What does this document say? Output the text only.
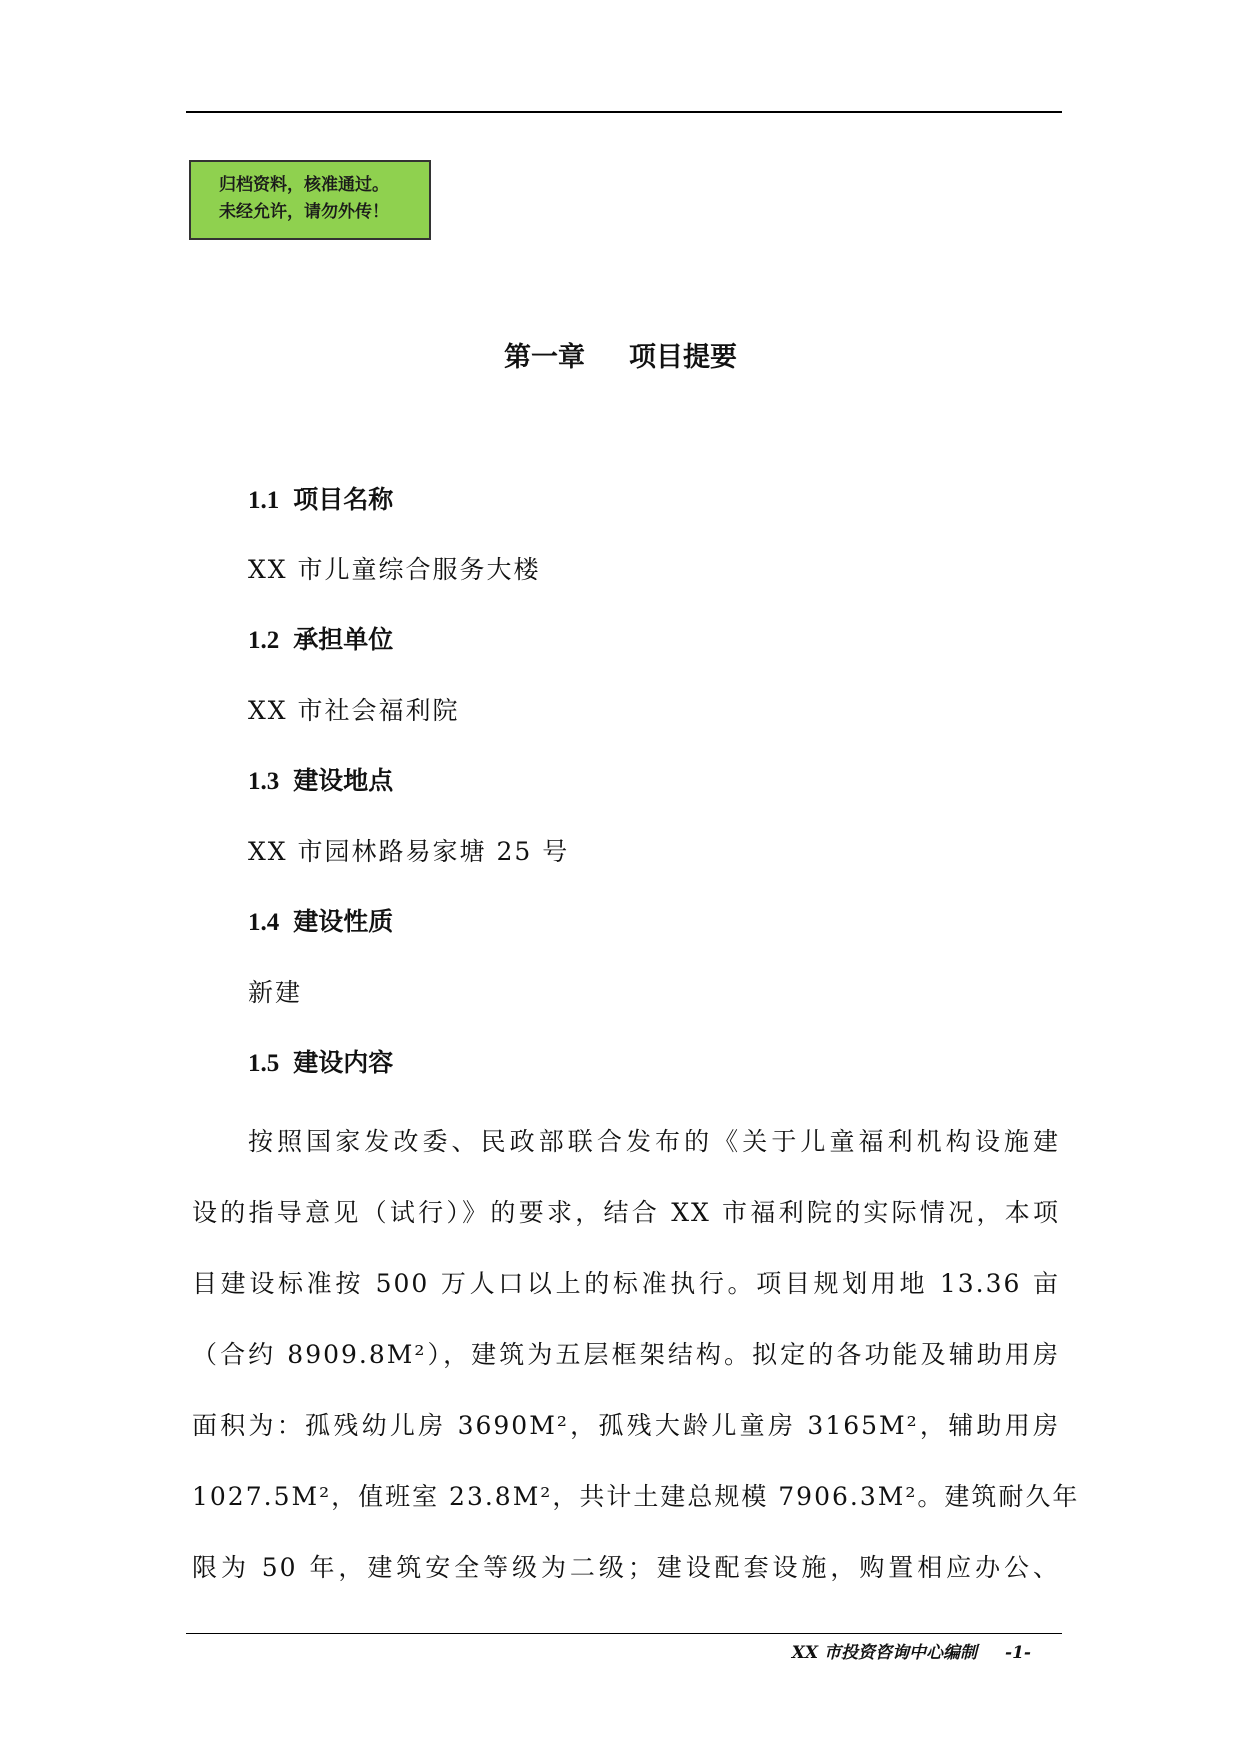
归档资料，核准通过。
未经允许，请勿外传！
第一章 项目提要
1.1 项目名称
XX 市儿童综合服务大楼
1.2 承担单位
XX 市社会福利院
1.3 建设地点
XX 市园林路易家塘 25 号
1.4 建设性质
新建
1.5 建设内容
按照国家发改委、民政部联合发布的《关于儿童福利机构设施建
设的指导意见（试行）》的要求，结合 XX 市福利院的实际情况，本项
目建设标准按 500 万人口以上的标准执行。项目规划用地 13.36 亩
（合约 8909.8M²），建筑为五层框架结构。拟定的各功能及辅助用房
面积为：孤残幼儿房 3690M²，孤残大龄儿童房 3165M²，辅助用房
1027.5M²，值班室 23.8M²，共计土建总规模 7906.3M²。建筑耐久年
限为 50 年，建筑安全等级为二级；建设配套设施，购置相应办公、
XX 市投资咨询中心编制 -1-
